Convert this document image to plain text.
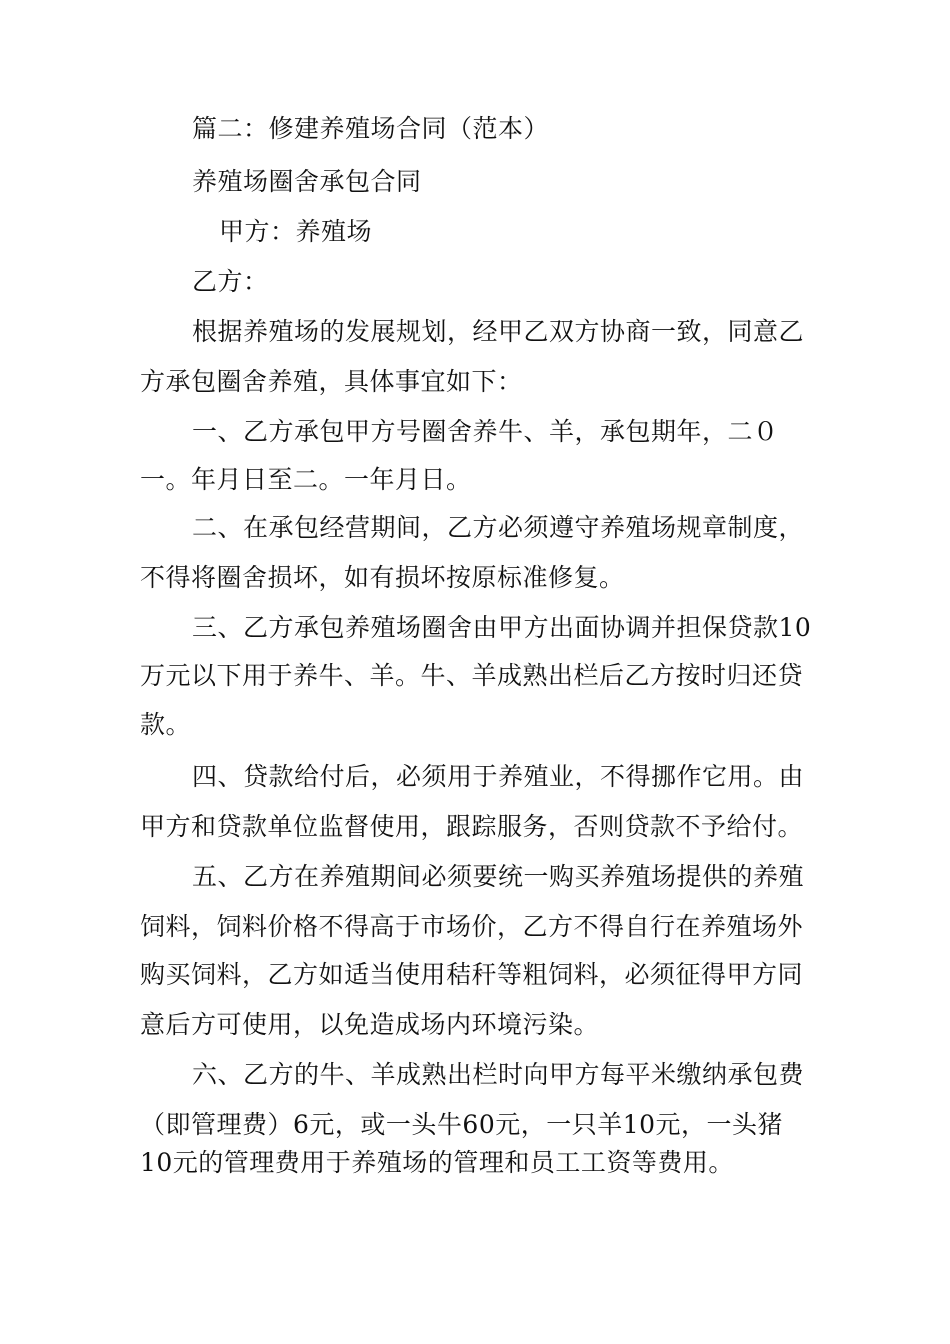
篇二：修建养殖场合同（范本）
养殖场圈舍承包合同
甲方：养殖场
乙方：
根据养殖场的发展规划，经甲乙双方协商一致，同意乙
方承包圈舍养殖，具体事宜如下：
一、乙方承包甲方号圈舍养牛、羊，承包期年，二０
一。年月日至二。一年月日。
二、在承包经营期间，乙方必须遵守养殖场规章制度，
不得将圈舍损坏，如有损坏按原标准修复。
三、乙方承包养殖场圈舍由甲方出面协调并担保贷款10
万元以下用于养牛、羊。牛、羊成熟出栏后乙方按时归还贷
款。
四、贷款给付后，必须用于养殖业，不得挪作它用。由
甲方和贷款单位监督使用，跟踪服务，否则贷款不予给付。
五、乙方在养殖期间必须要统一购买养殖场提供的养殖
饲料，饲料价格不得高于市场价，乙方不得自行在养殖场外
购买饲料，乙方如适当使用秸秆等粗饲料，必须征得甲方同
意后方可使用，以免造成场内环境污染。
六、乙方的牛、羊成熟出栏时向甲方每平米缴纳承包费
（即管理费）6元，或一头牛60元，一只羊10元，一头猪
10元的管理费用于养殖场的管理和员工工资等费用。
